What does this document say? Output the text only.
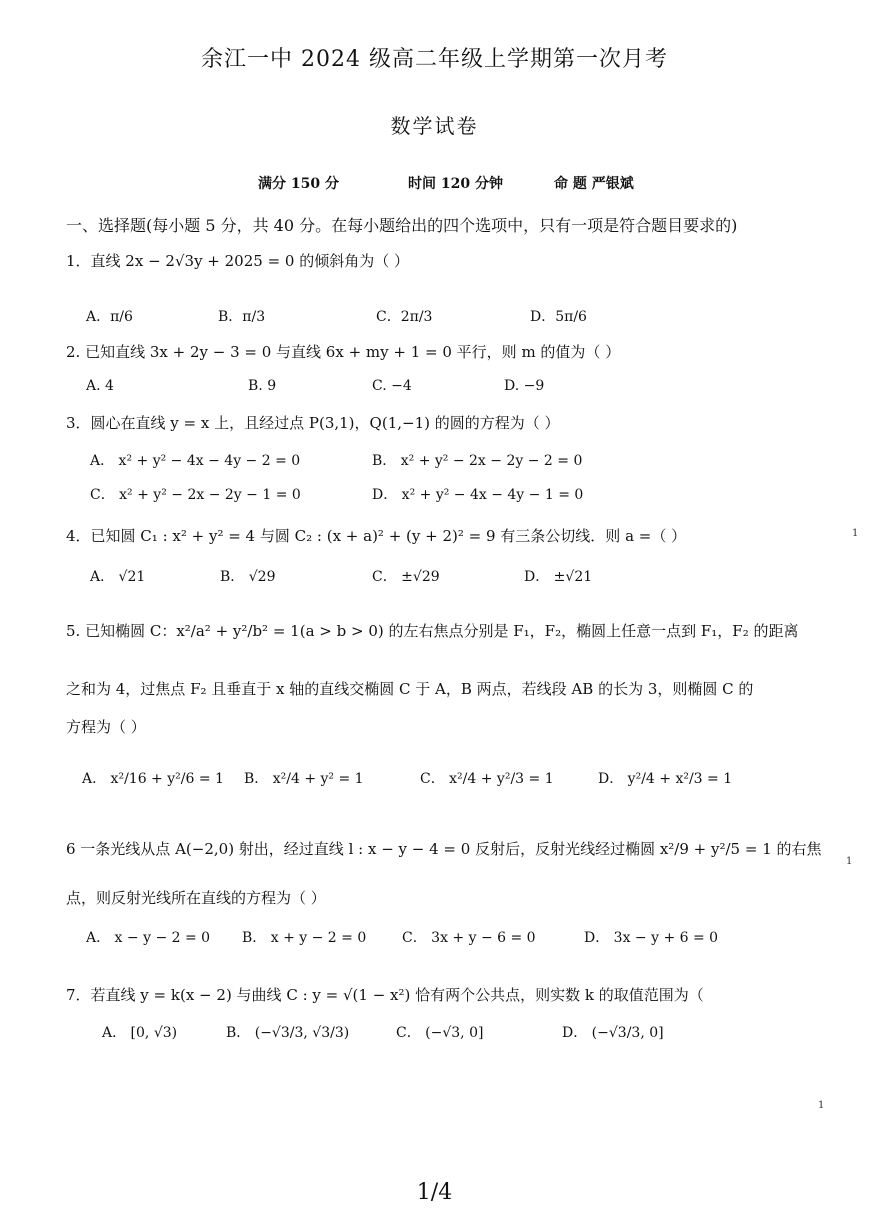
余江一中 2024 级高二年级上学期第一次月考
数学试卷
满分 150 分	时间 120 分钟	命 题 严银斌
一、选择题(每小题 5 分，共 40 分。在每小题给出的四个选项中，只有一项是符合题目要求的)
1．直线 2x − 2√3y + 2025 = 0 的倾斜角为（ ）
A．π/6	B．π/3	C．2π/3	D．5π/6
2. 已知直线 3x + 2y − 3 = 0 与直线 6x + my + 1 = 0 平行，则 m 的值为（ ）
A. 4	B. 9	C. −4	D. −9
3．圆心在直线 y = x 上，且经过点 P(3,1)，Q(1,−1) 的圆的方程为（ ）
A． x² + y² − 4x − 4y − 2 = 0	B． x² + y² − 2x − 2y − 2 = 0
C． x² + y² − 2x − 2y − 1 = 0	D． x² + y² − 4x − 4y − 1 = 0
4．已知圆 C₁ : x² + y² = 4 与圆 C₂ : (x + a)² + (y + 2)² = 9 有三条公切线．则 a =（ ）
A． √21	B． √29	C． ±√29	D． ±√21
5. 已知椭圆 C：x²/a² + y²/b² = 1(a > b > 0) 的左右焦点分别是 F₁，F₂，椭圆上任意一点到 F₁，F₂ 的距离
之和为 4，过焦点 F₂ 且垂直于 x 轴的直线交椭圆 C 于 A，B 两点，若线段 AB 的长为 3，则椭圆 C 的
方程为（ ）
A． x²/16 + y²/6 = 1 B． x²/4 + y² = 1	C． x²/4 + y²/3 = 1	D． y²/4 + x²/3 = 1
6 一条光线从点 A(−2,0) 射出，经过直线 l : x − y − 4 = 0 反射后，反射光线经过椭圆 x²/9 + y²/5 = 1 的右焦
点，则反射光线所在直线的方程为（ ）
A． x − y − 2 = 0 B． x + y − 2 = 0	C． 3x + y − 6 = 0	D． 3x − y + 6 = 0
7．若直线 y = k(x − 2) 与曲线 C : y = √(1 − x²) 恰有两个公共点，则实数 k 的取值范围为（
A． [0, √3)	B． (−√3/3, √3/3)	C． (−√3, 0]	D． (−√3/3, 0]
1
1
1
1/4
